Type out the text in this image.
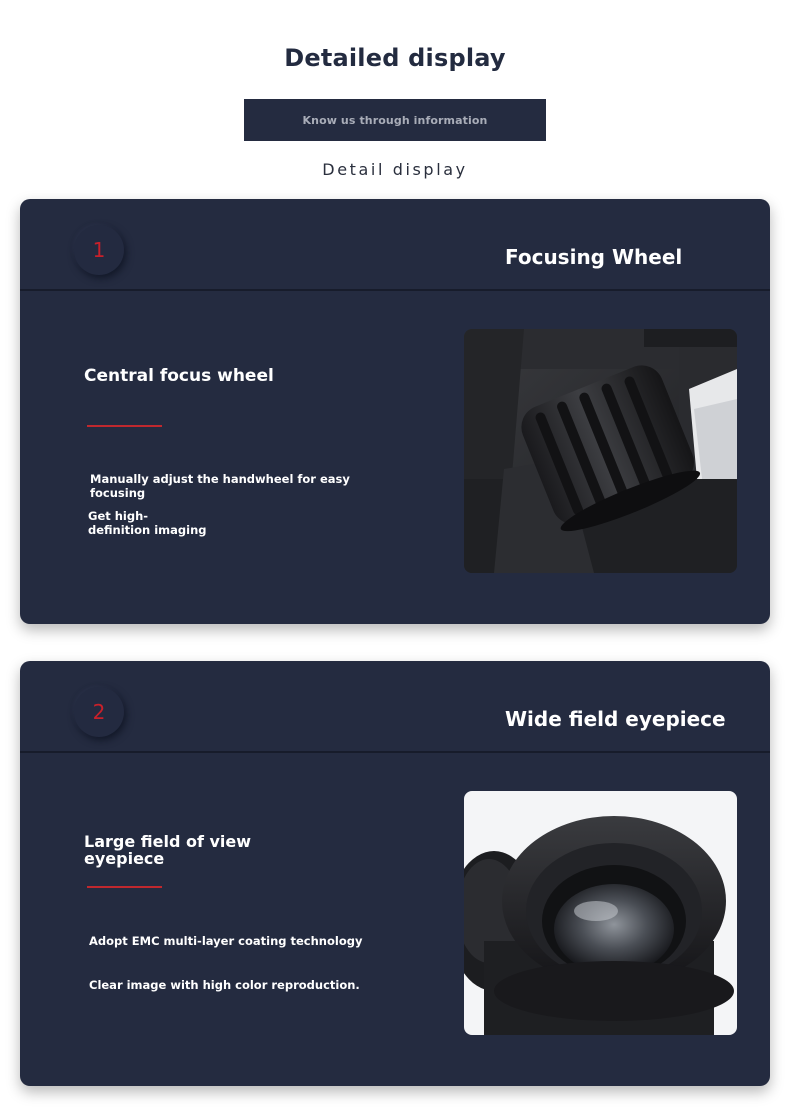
Detailed display
Know us through information
Detail display
1	Focusing Wheel
Central focus wheel
Manually adjust the handwheel for easy focusing
Get high-definition imaging
2	Wide field eyepiece
Large field of view eyepiece
Adopt EMC multi-layer coating technology
Clear image with high color reproduction.
